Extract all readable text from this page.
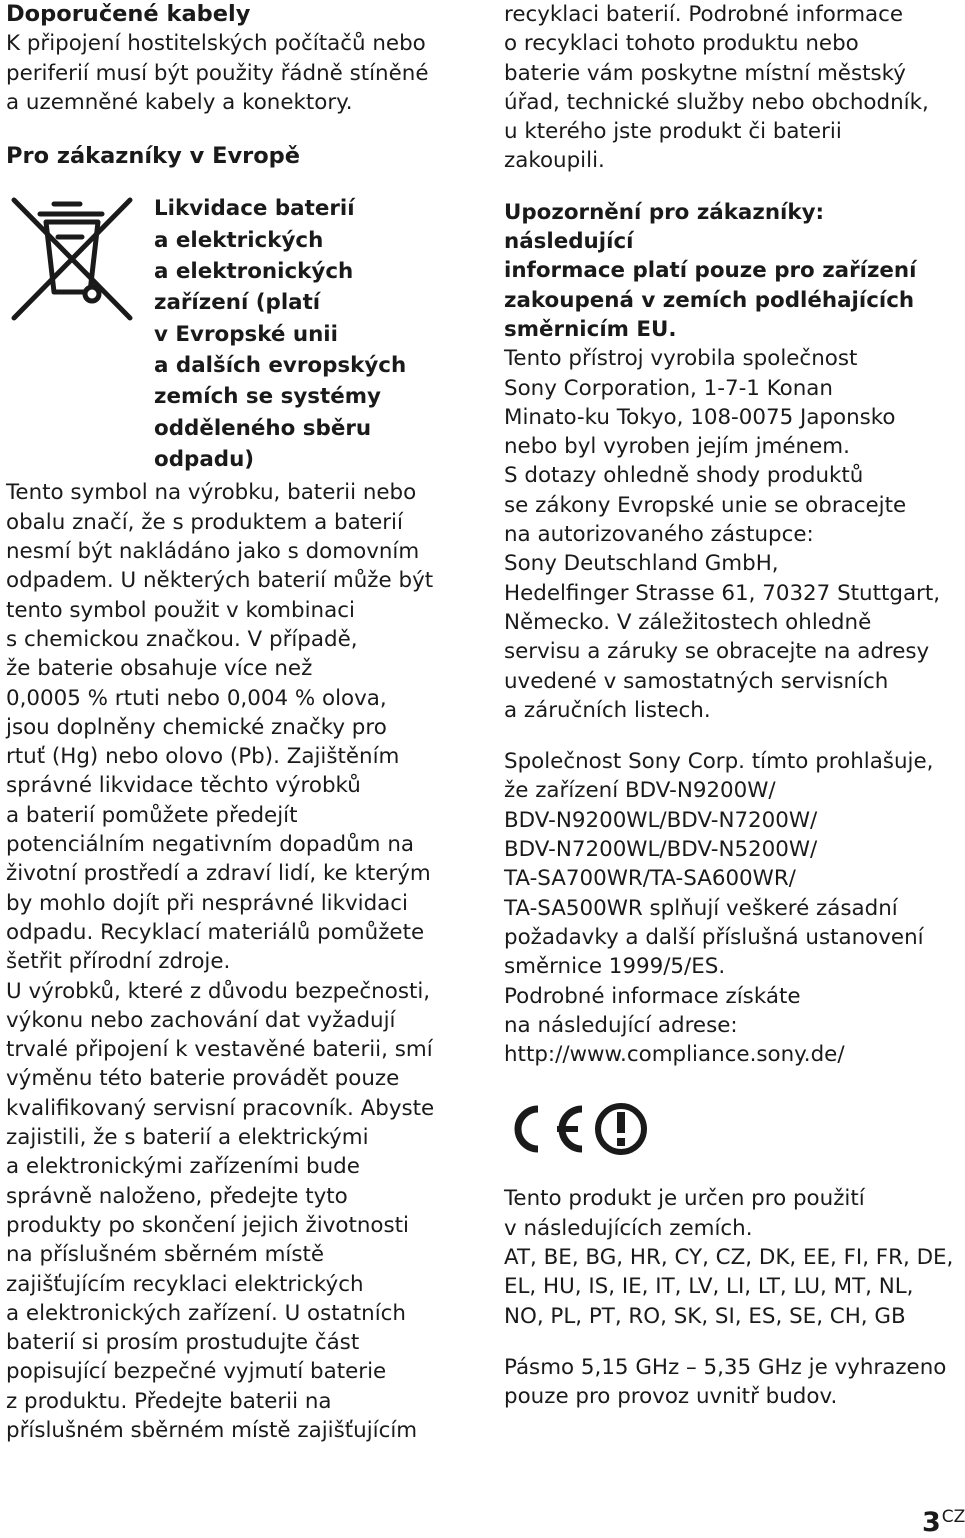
Doporučené kabely

K připojení hostitelských počítačů nebo
periferií musí být použity řádně stíněné
a uzemněné kabely a konektory.

Pro zákazníky v Evropě
Likvidace baterií
a elektrických
a elektronických
zařízení (platí
v Evropské unii
a dalších evropských
zemích se systémy
odděleného sběru
odpadu)

Tento symbol na výrobku, baterii nebo
obalu značí, že s produktem a baterií
nesmí být nakládáno jako s domovním
odpadem. U některých baterií může být
tento symbol použit v kombinaci
s chemickou značkou. V případě,
že baterie obsahuje více než
0,0005 % rtuti nebo 0,004 % olova,
jsou doplněny chemické značky pro
rtuť (Hg) nebo olovo (Pb). Zajištěním
správné likvidace těchto výrobků
a baterií pomůžete předejít
potenciálním negativním dopadům na
životní prostředí a zdraví lidí, ke kterým
by mohlo dojít při nesprávné likvidaci
odpadu. Recyklací materiálů pomůžete
šetřit přírodní zdroje.
U výrobků, které z důvodu bezpečnosti,
výkonu nebo zachování dat vyžadují
trvalé připojení k vestavěné baterii, smí
výměnu této baterie provádět pouze
kvalifikovaný servisní pracovník. Abyste
zajistili, že s baterií a elektrickými
a elektronickými zařízeními bude
správně naloženo, předejte tyto
produkty po skončení jejich životnosti
na příslušném sběrném místě
zajišťujícím recyklaci elektrických
a elektronických zařízení. U ostatních
baterií si prosím prostudujte část
popisující bezpečné vyjmutí baterie
z produktu. Předejte baterii na
příslušném sběrném místě zajišťujícím

recyklaci baterií. Podrobné informace
o recyklaci tohoto produktu nebo
baterie vám poskytne místní městský
úřad, technické služby nebo obchodník,
u kterého jste produkt či baterii
zakoupili.

Upozornění pro zákazníky: následující
informace platí pouze pro zařízení
zakoupená v zemích podléhajících
směrnicím EU.

Tento přístroj vyrobila společnost
Sony Corporation, 1-7-1 Konan
Minato-ku Tokyo, 108-0075 Japonsko
nebo byl vyroben jejím jménem.
S dotazy ohledně shody produktů
se zákony Evropské unie se obracejte
na autorizovaného zástupce:
Sony Deutschland GmbH,
Hedelfinger Strasse 61, 70327 Stuttgart,
Německo. V záležitostech ohledně
servisu a záruky se obracejte na adresy
uvedené v samostatných servisních
a záručních listech.

Společnost Sony Corp. tímto prohlašuje,
že zařízení BDV-N9200W/
BDV-N9200WL/BDV-N7200W/
BDV-N7200WL/BDV-N5200W/
TA-SA700WR/TA-SA600WR/
TA-SA500WR splňují veškeré zásadní
požadavky a další příslušná ustanovení
směrnice 1999/5/ES.
Podrobné informace získáte
na následující adrese:
http://www.compliance.sony.de/

Tento produkt je určen pro použití
v následujících zemích.
AT, BE, BG, HR, CY, CZ, DK, EE, FI, FR, DE,
EL, HU, IS, IE, IT, LV, LI, LT, LU, MT, NL,
NO, PL, PT, RO, SK, SI, ES, SE, CH, GB

Pásmo 5,15 GHz – 5,35 GHz je vyhrazeno
pouze pro provoz uvnitř budov.

$3^{CZ}$
